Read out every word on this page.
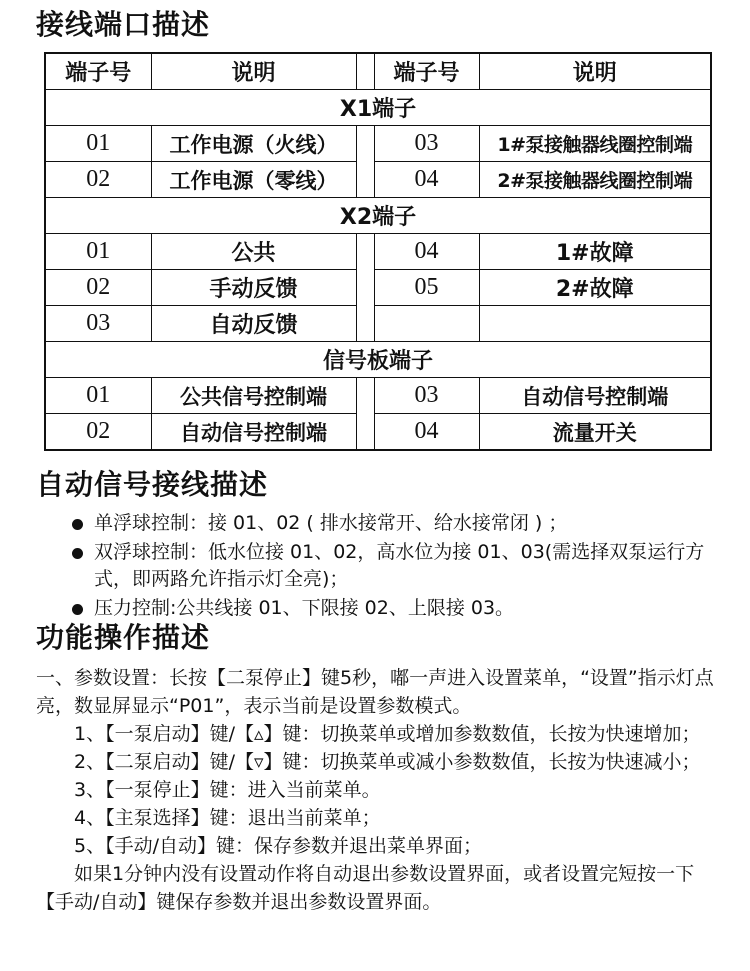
接线端口描述
端子号	说明		端子号	说明
X1端子				
01	工作电源（火线）		03	1#泵接触器线圈控制端
02	工作电源（零线）		04	2#泵接触器线圈控制端
X2端子				
01	公共		04	1#故障
02	手动反馈		05	2#故障
03	自动反馈			
信号板端子				
01	公共信号控制端		03	自动信号控制端
02	自动信号控制端		04	流量开关
自动信号接线描述
单浮球控制：接 01、02 ( 排水接常开、给水接常闭 ) ；
双浮球控制：低水位接 01、02，高水位为接 01、03(需选择双泵运行方式，即两路允许指示灯全亮)；
压力控制:公共线接 01、下限接 02、上限接 03。
功能操作描述

一、参数设置：长按【二泵停止】键5秒，嘟一声进入设置菜单，“设置”指示灯点亮，数显屏显示“P01”，表示当前是设置参数模式。

1、【一泵启动】键/【▵】键：切换菜单或增加参数数值，长按为快速增加；

2、【二泵启动】键/【▿】键：切换菜单或减小参数数值，长按为快速减小；

3、【一泵停止】键：进入当前菜单。

4、【主泵选择】键：退出当前菜单；

5、【手动/自动】键：保存参数并退出菜单界面；

如果1分钟内没有设置动作将自动退出参数设置界面，或者设置完短按一下【手动/自动】键保存参数并退出参数设置界面。
